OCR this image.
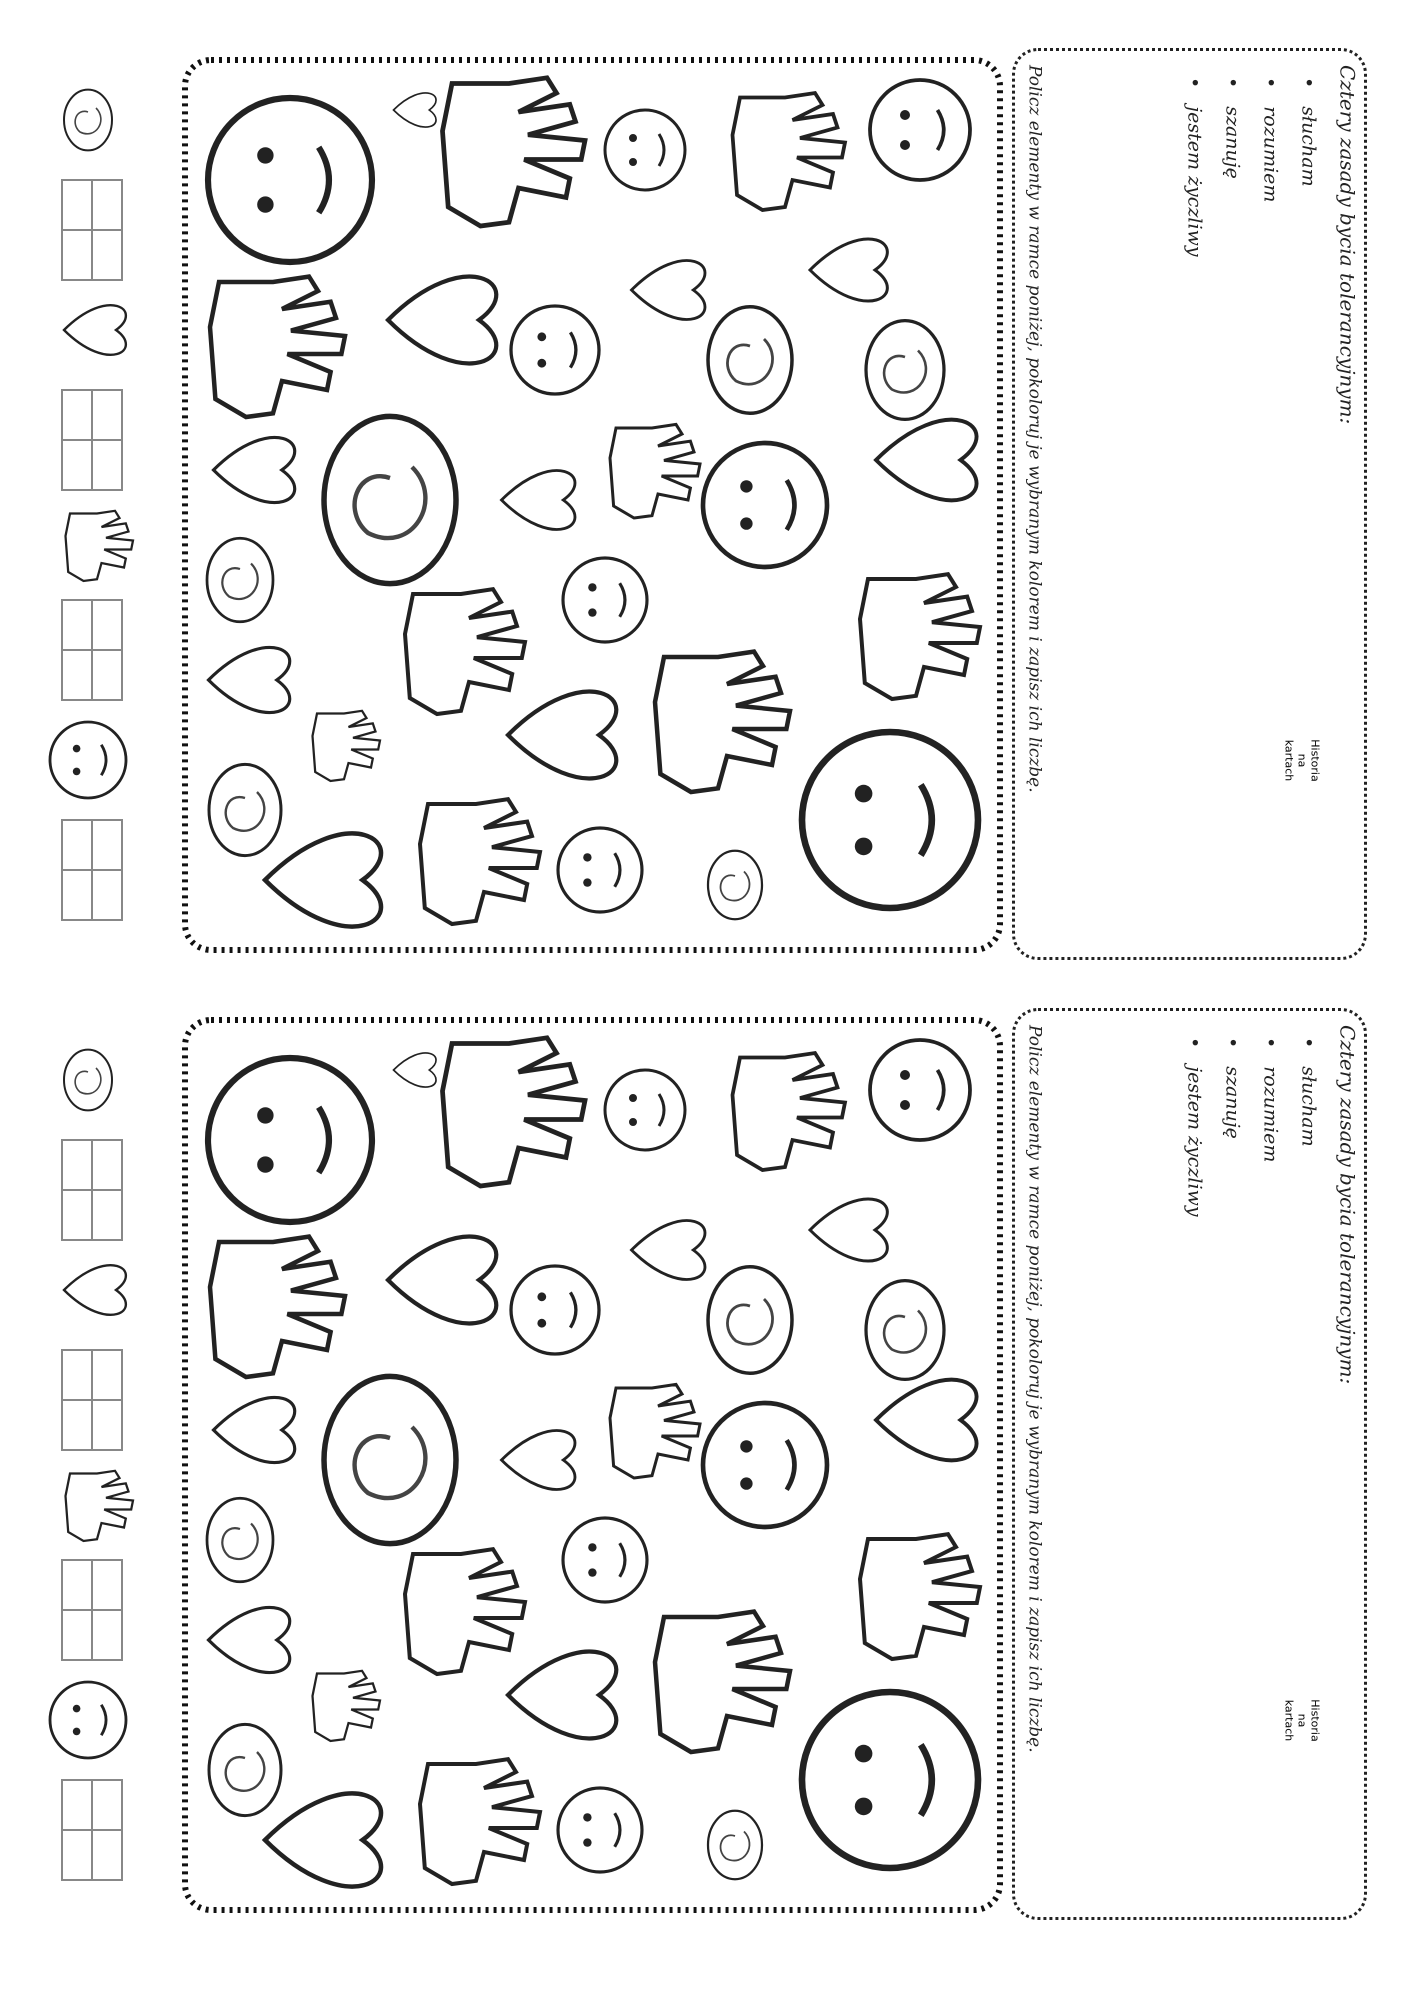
Cztery zasady bycia tolerancyjnym:
• słucham
• rozumiem
• szanuję
• jestem życzliwy
Policz elementy w ramce poniżej, pokoloruj je wybranym kolorem i zapisz ich liczbę.	Historia
na
kartach
Cztery zasady bycia tolerancyjnym:
• słucham
• rozumiem
• szanuję
• jestem życzliwy
Policz elementy w ramce poniżej, pokoloruj je wybranym kolorem i zapisz ich liczbę.	Historia
na
kartach
